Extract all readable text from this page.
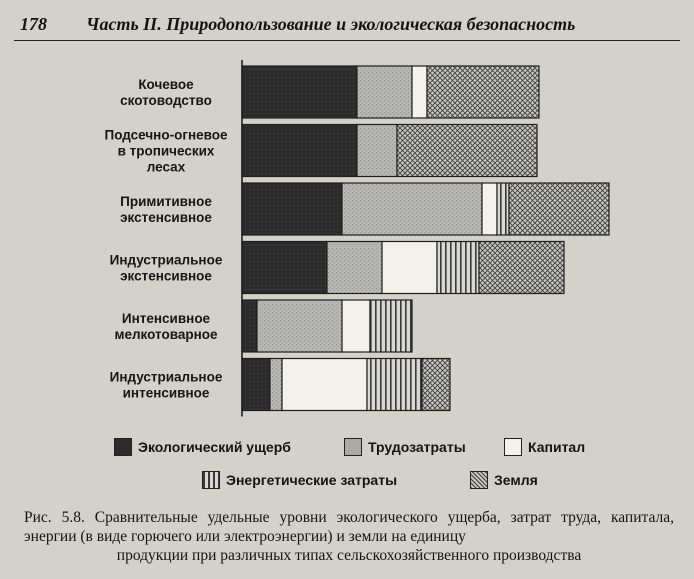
178 Часть II. Природопользование и экологическая безопасность
Кочевое скотоводство
Подсечно-огневое в тропических лесах
Примитивное экстенсивное
Индустриальное экстенсивное
Интенсивное мелкотоварное
Индустриальное интенсивное
Экологический ущерб	Трудозатраты	Капитал
Энергетические затраты	Земля
Рис. 5.8. Сравнительные удельные уровни экологического ущерба, затрат труда, капитала, энергии (в виде горючего или электроэнергии) и земли на единицу
продукции при различных типах сельскохозяйственного производства
